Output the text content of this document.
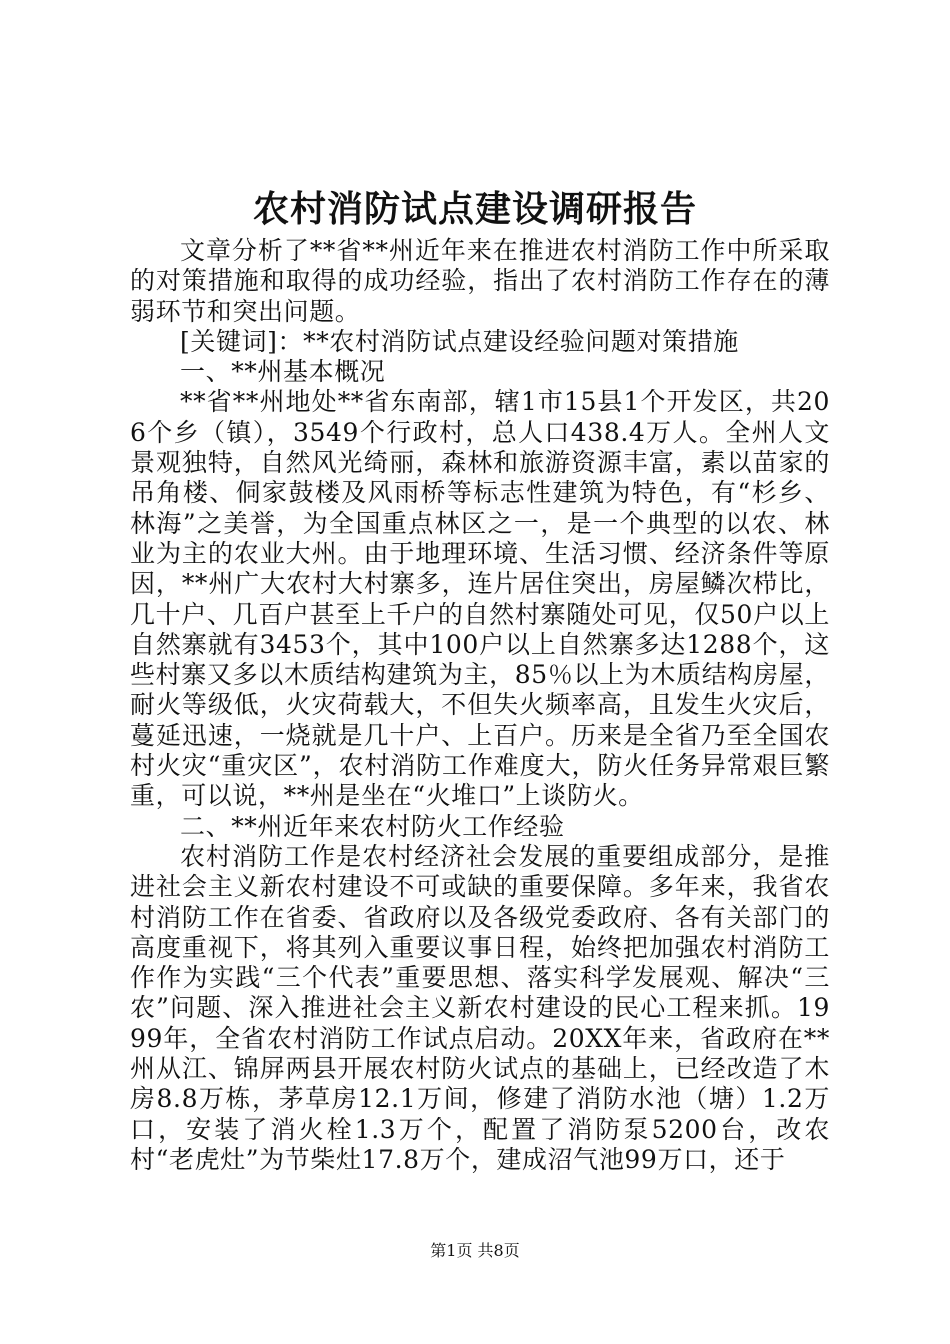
农村消防试点建设调研报告

文章分析了**省**州近年来在推进农村消防工作中所采取的对策措施和取得的成功经验，指出了农村消防工作存在的薄弱环节和突出问题。

[关键词]：**农村消防试点建设经验问题对策措施

一、**州基本概况

**省**州地处**省东南部，辖1市15县1个开发区，共206个乡（镇），3549个行政村，总人口438.4万人。全州人文景观独特，自然风光绮丽，森林和旅游资源丰富，素以苗家的吊角楼、侗家鼓楼及风雨桥等标志性建筑为特色，有“杉乡、林海”之美誉，为全国重点林区之一，是一个典型的以农、林业为主的农业大州。由于地理环境、生活习惯、经济条件等原因，**州广大农村大村寨多，连片居住突出，房屋鳞次栉比，几十户、几百户甚至上千户的自然村寨随处可见，仅50户以上自然寨就有3453个，其中100户以上自然寨多达1288个，这些村寨又多以木质结构建筑为主，85％以上为木质结构房屋，耐火等级低，火灾荷载大，不但失火频率高，且发生火灾后，蔓延迅速，一烧就是几十户、上百户。历来是全省乃至全国农村火灾“重灾区”，农村消防工作难度大，防火任务异常艰巨繁重，可以说，**州是坐在“火堆口”上谈防火。

二、**州近年来农村防火工作经验

农村消防工作是农村经济社会发展的重要组成部分，是推进社会主义新农村建设不可或缺的重要保障。多年来，我省农村消防工作在省委、省政府以及各级党委政府、各有关部门的高度重视下，将其列入重要议事日程，始终把加强农村消防工作作为实践“三个代表”重要思想、落实科学发展观、解决“三农”问题、深入推进社会主义新农村建设的民心工程来抓。1999年，全省农村消防工作试点启动。20XX年来，省政府在**州从江、锦屏两县开展农村防火试点的基础上，已经改造了木房8.8万栋，茅草房12.1万间，修建了消防水池（塘）1.2万口，安装了消火栓1.3万个，配置了消防泵5200台，改农村“老虎灶”为节柴灶17.8万个，建成沼气池99万口，还于

第1页 共8页
